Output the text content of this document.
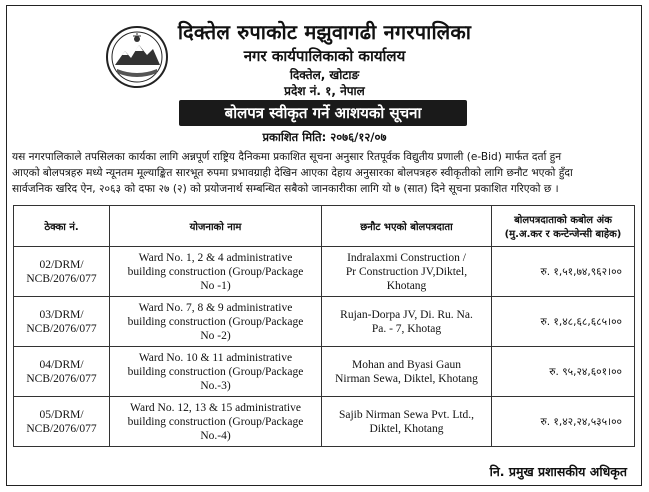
दिक्तेल रुपाकोट मझुवागढी नगरपालिका
नगर कार्यपालिकाको कार्यालय
दिक्तेल, खोटाङ
प्रदेश नं. १, नेपाल
बोलपत्र स्वीकृत गर्ने आशयको सूचना
प्रकाशित मिति: २०७६/१२/०७
यस नगरपालिकाले तपसिलका कार्यका लागि अन्नपूर्ण राष्ट्रिय दैनिकमा प्रकाशित सूचना अनुसार रितपूर्वक विद्युतीय प्रणाली (e-Bid) मार्फत दर्ता हुन
आएको बोलपत्रहरु मध्ये न्यूनतम मूल्याङ्कित सारभूत रुपमा प्रभावग्राही देखिन आएका देहाय अनुसारका बोलपत्रहरु स्वीकृतीको लागि छनौट भएको हुँदा
सार्वजनिक खरिद ऐन, २०६३ को दफा २७ (२) को प्रयोजनार्थ सम्बन्धित सबैको जानकारीका लागि यो ७ (सात) दिने सूचना प्रकाशित गरिएको छ ।
ठेक्का नं.	योजनाको नाम	छनौट भएको बोलपत्रदाता	बोलपत्रदाताको कबोल अंक
(मु.अ.कर र कन्टेन्जेन्सी बाहेक)

02/DRM/
NCB/2076/077	Ward No. 1, 2 & 4 administrative
building construction (Group/Package
No -1)	Indralaxmi Construction /
Pr Construction JV,Diktel,
Khotang	रु. १,५१,७४,९६२।००
03/DRM/
NCB/2076/077	Ward No. 7, 8 & 9 administrative
building construction (Group/Package
No -2)	Rujan-Dorpa JV, Di. Ru. Na.
Pa. - 7, Khotag	रु. १,४८,६८,६८५।००
04/DRM/
NCB/2076/077	Ward No. 10 & 11 administrative
building construction (Group/Package
No.-3)	Mohan and Byasi Gaun
Nirman Sewa, Diktel, Khotang	रु. ९५,२४,६०१।००
05/DRM/
NCB/2076/077	Ward No. 12, 13 & 15 administrative
building construction (Group/Package
No.-4)	Sajib Nirman Sewa Pvt. Ltd.,
Diktel, Khotang	रु. १,४२,२४,५३५।००
नि. प्रमुख प्रशासकीय अधिकृत
